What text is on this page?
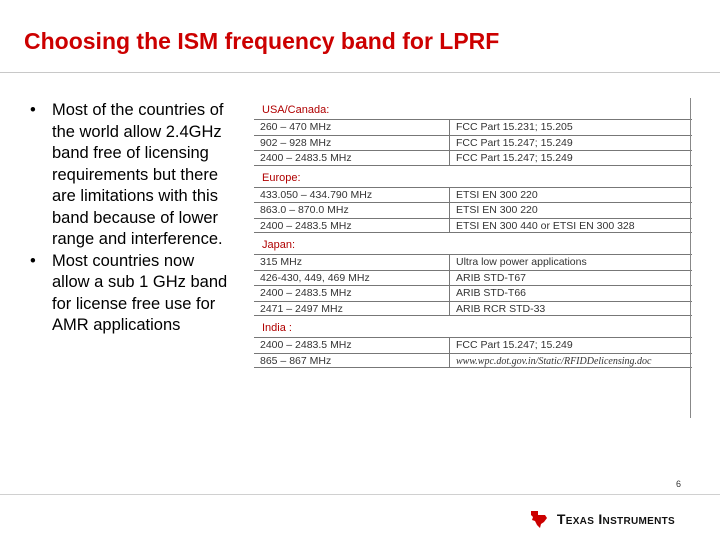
Choosing the ISM frequency band for LPRF
• Most of the countries of the world allow 2.4GHz band free of licensing requirements but there are limitations with this band because of lower range and interference.
• Most countries now allow a sub 1 GHz band for license free use for AMR applications
USA/Canada:
260 – 470 MHz	FCC Part 15.231; 15.205
902 – 928 MHz	FCC Part 15.247; 15.249
2400 – 2483.5 MHz	FCC Part 15.247; 15.249
Europe:
433.050 – 434.790 MHz	ETSI EN 300 220
863.0 – 870.0 MHz	ETSI EN 300 220
2400 – 2483.5 MHz	ETSI EN 300 440 or ETSI EN 300 328
Japan:
315 MHz	Ultra low power applications
426-430, 449, 469 MHz	ARIB STD-T67
2400 – 2483.5 MHz	ARIB STD-T66
2471 – 2497 MHz	ARIB RCR STD-33
India :
2400 – 2483.5 MHz	FCC Part 15.247; 15.249
865 – 867 MHz	www.wpc.dot.gov.in/Static/RFIDDelicensing.doc
6
Texas Instruments
